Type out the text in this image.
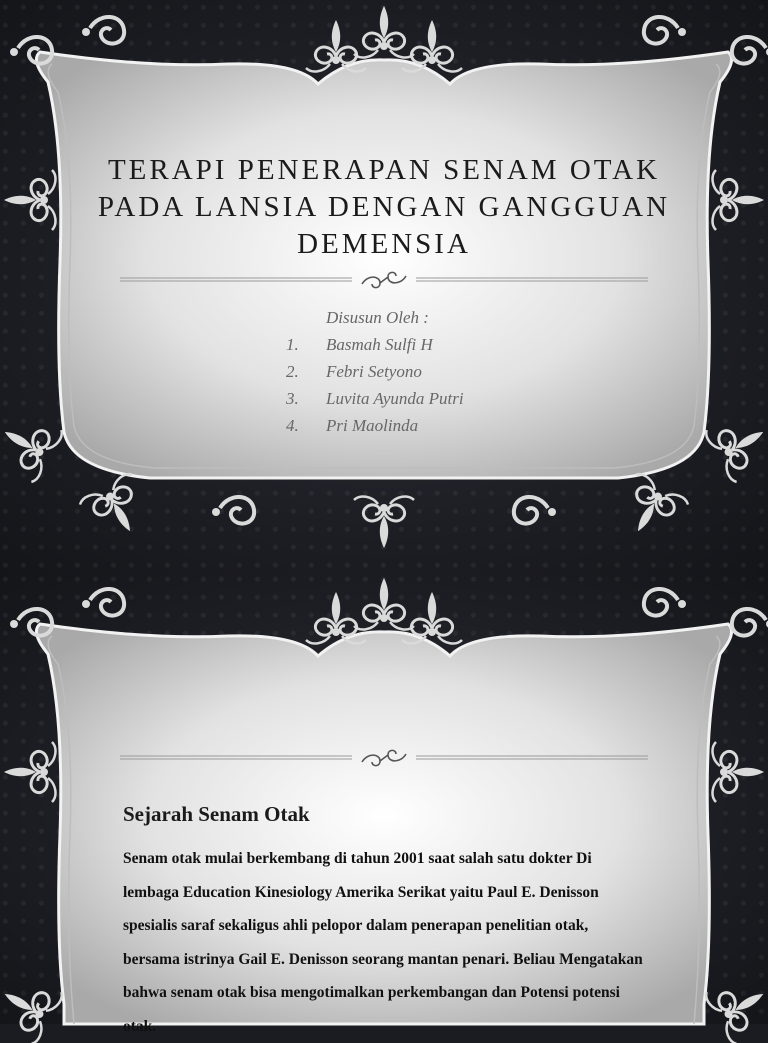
TERAPI PENERAPAN SENAM OTAK PADA LANSIA DENGAN GANGGUAN DEMENSIA
Disusun Oleh :
1.	Basmah Sulfi H
2.	Febri Setyono
3.	Luvita Ayunda Putri
4.	Pri Maolinda
Sejarah Senam Otak

Senam otak mulai berkembang di tahun 2001 saat salah satu dokter Di lembaga Education Kinesiology Amerika Serikat yaitu Paul E. Denisson spesialis saraf sekaligus ahli pelopor dalam penerapan penelitian otak, bersama istrinya Gail E. Denisson seorang mantan penari. Beliau Mengatakan bahwa senam otak bisa mengotimalkan perkembangan dan Potensi potensi otak.
